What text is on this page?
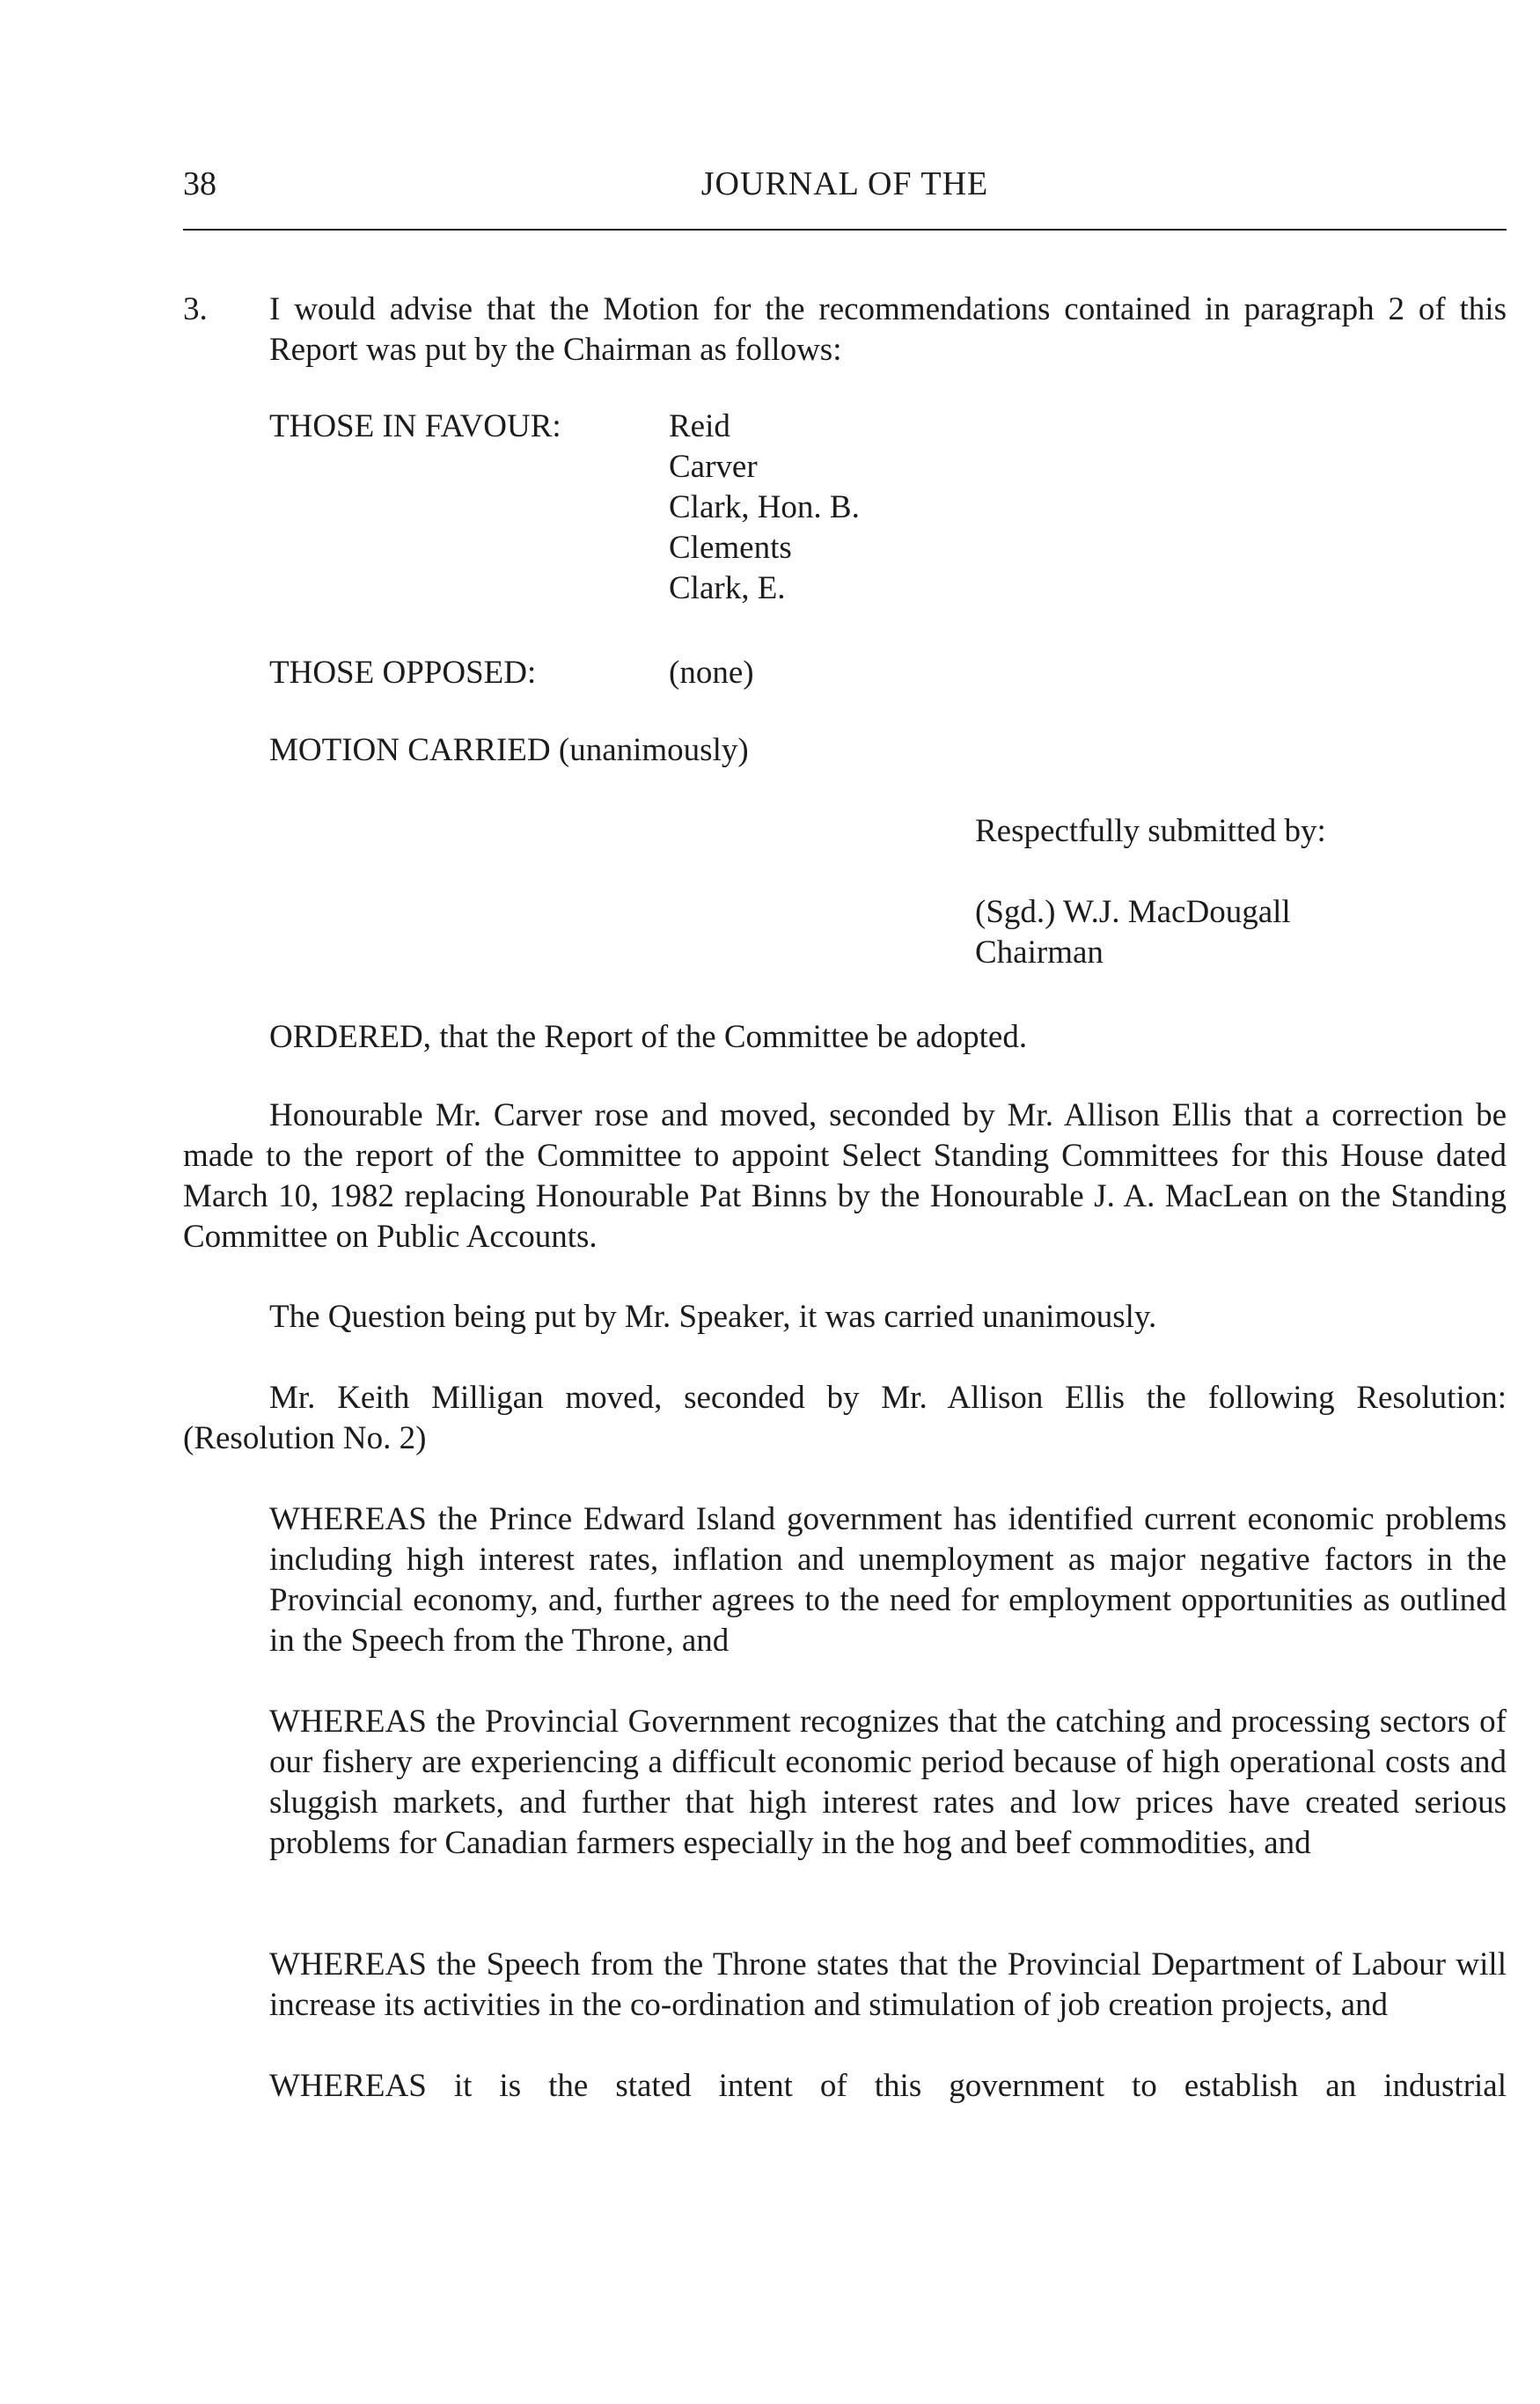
38	JOURNAL OF THE
3. I would advise that the Motion for the recommendations contained in paragraph 2 of this Report was put by the Chairman as follows:
THOSE IN FAVOUR:	Reid
Carver
Clark, Hon. B.
Clements
Clark, E.
THOSE OPPOSED:	(none)
MOTION CARRIED (unanimously)
Respectfully submitted by:
(Sgd.) W.J. MacDougall
Chairman
ORDERED, that the Report of the Committee be adopted.
Honourable Mr. Carver rose and moved, seconded by Mr. Allison Ellis that a correction be made to the report of the Committee to appoint Select Standing Committees for this House dated March 10, 1982 replacing Honourable Pat Binns by the Honourable J. A. MacLean on the Standing Committee on Public Accounts.
The Question being put by Mr. Speaker, it was carried unanimously.
Mr. Keith Milligan moved, seconded by Mr. Allison Ellis the following Resolution: (Resolution No. 2)
WHEREAS the Prince Edward Island government has identified current economic problems including high interest rates, inflation and unemployment as major negative factors in the Provincial economy, and, further agrees to the need for employment opportunities as outlined in the Speech from the Throne, and
WHEREAS the Provincial Government recognizes that the catching and processing sectors of our fishery are experiencing a difficult economic period because of high operational costs and sluggish markets, and further that high interest rates and low prices have created serious problems for Canadian farmers especially in the hog and beef commodities, and
WHEREAS the Speech from the Throne states that the Provincial Department of Labour will increase its activities in the co-ordination and stimulation of job creation projects, and
WHEREAS it is the stated intent of this government to establish an industrial
